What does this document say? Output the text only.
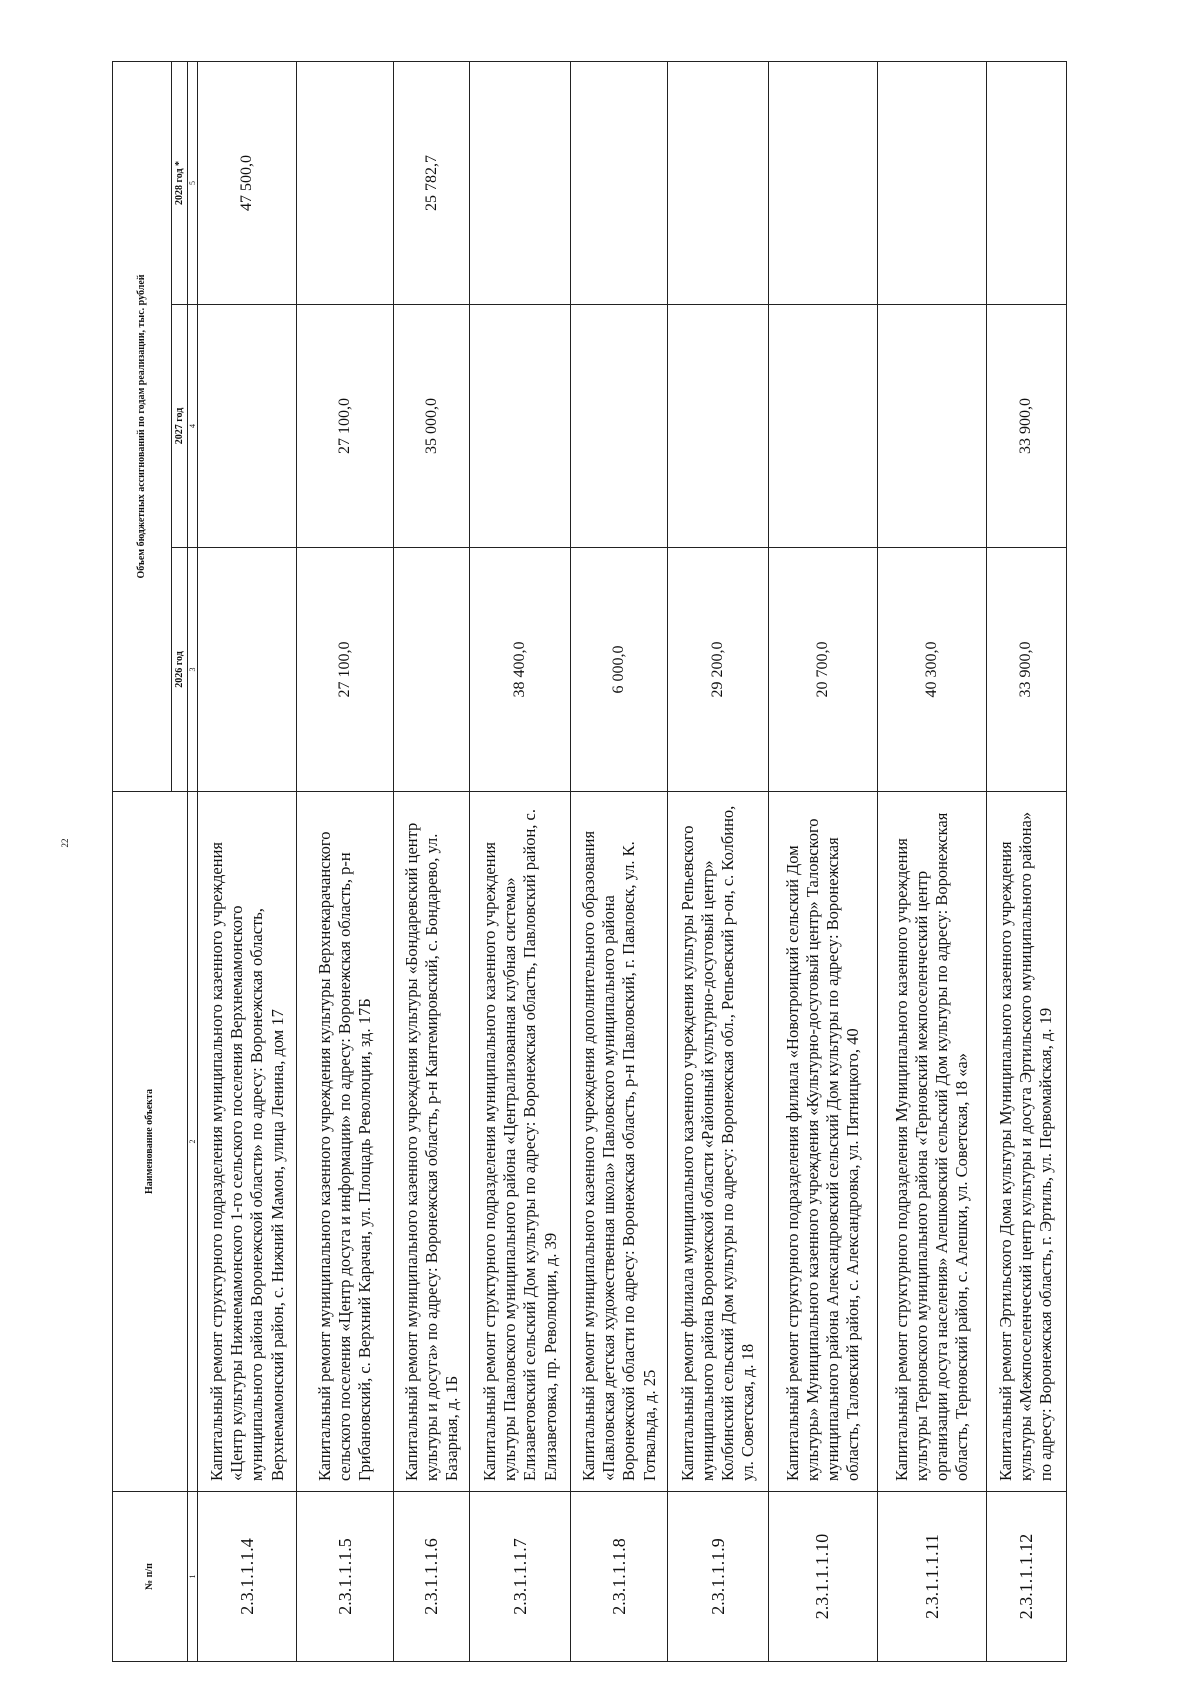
22
№ п/п	Наименование объекта	Объем бюджетных ассигнований по годам реализации, тыс. рублей		
		2026 год	2027 год	2028 год *
1	2	3	4	5
2.3.1.1.1.4	Капитальный ремонт структурного подразделения муниципального казенного учреждения «Центр культуры Нижнемамонского 1-го сельского поселения Верхнемамонского муниципального района Воронежской области» по адресу: Воронежская область, Верхнемамонский район, с. Нижний Мамон, улица Ленина, дом 17			47 500,0
2.3.1.1.1.5	Капитальный ремонт муниципального казенного учреждения культуры Верхнекарачанского сельского поселения «Центр досуга и информации» по адресу: Воронежская область, р-н Грибановский, с. Верхний Карачан, ул. Площадь Революции, зд. 17Б	27 100,0	27 100,0	
2.3.1.1.1.6	Капитальный ремонт муниципального казенного учреждения культуры «Бондаревский центр культуры и досуга» по адресу: Воронежская область, р-н Кантемировский, с. Бондарево, ул. Базарная, д. 1Б		35 000,0	25 782,7
2.3.1.1.1.7	Капитальный ремонт структурного подразделения муниципального казенного учреждения культуры Павловского муниципального района «Централизованная клубная система» Елизаветовский сельский Дом культуры по адресу: Воронежская область, Павловский район, с. Елизаветовка, пр. Революции, д. 39	38 400,0		
2.3.1.1.1.8	Капитальный ремонт муниципального казенного учреждения дополнительного образования «Павловская детская художественная школа» Павловского муниципального района Воронежской области по адресу: Воронежская область, р-н Павловский, г. Павловск, ул. К. Готвальда, д. 25	6 000,0		
2.3.1.1.1.9	Капитальный ремонт филиала муниципального казенного учреждения культуры Репьевского муниципального района Воронежской области «Районный культурно-досуговый центр» Колбинский сельский Дом культуры по адресу: Воронежская обл., Репьевский р-он, с. Колбино, ул. Советская, д. 18	29 200,0		
2.3.1.1.1.10	Капитальный ремонт структурного подразделения филиала «Новотроицкий сельский Дом культуры» Муниципального казенного учреждения «Культурно-досуговый центр» Таловского муниципального района Александровский сельский Дом культуры по адресу: Воронежская область, Таловский район, с. Александровка, ул. Пятницкого, 40	20 700,0		
2.3.1.1.1.11	Капитальный ремонт структурного подразделения Муниципального казенного учреждения культуры Терновского муниципального района «Терновский межпоселенческий центр организации досуга населения» Алешковский сельский Дом культуры по адресу: Воронежская область, Терновский район, с. Алешки, ул. Советская, 18 «а»	40 300,0		
2.3.1.1.1.12	Капитальный ремонт Эртильского Дома культуры Муниципального казенного учреждения культуры «Межпоселенческий центр культуры и досуга Эртильского муниципального района» по адресу: Воронежская область, г. Эртиль, ул. Первомайская, д. 19	33 900,0	33 900,0	
